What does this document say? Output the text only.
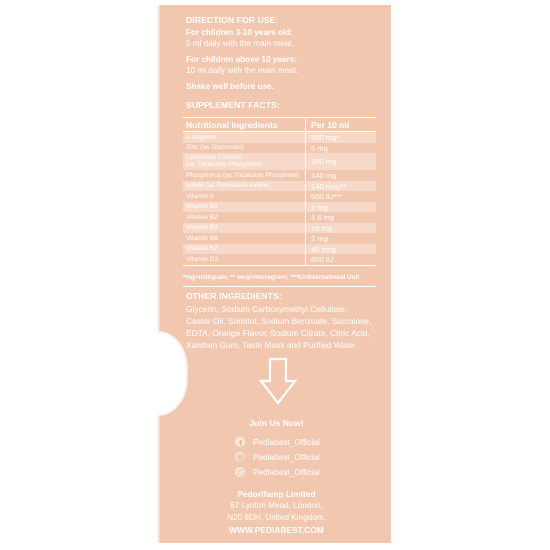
DIRECTION FOR USE:
For children 3-10 years old:
5 ml daily with the main meal.
For children above 10 years:
10 ml daily with the main meal.
Shake well before use.
SUPPLEMENT FACTS:
Nutritional Ingredients	Per 10 ml
L-Arginine	500 mg*
Zinc (as Gluconate)	5 mg
Liposomal Calcium
(as Tricalcium Phosphate)	240 mg
Phosphorus (as Tricalcium Phosphate) 140 mg
Iodide (as Potassium Iodide)	140 mcg**
Vitamin A	600 IU***
Vitamin B1	2 mg
Vitamin B2	1.6 mg
Vitamin B3	10 mg
Vitamin B6	2 mg
Vitamin K2	40 mcg
Vitamin D3	800 IU
*mg=milligram; ** mcg=microgram; ***IU=International Unit
OTHER INGREDIENTS:
Glycerin, Sodium Carboxymethyl Cellulose,
Castor Oil, Sorbitol, Sodium Benzoate, Sucralose,
EDTA, Orange Flavor, Sodium Citrate, Citric Acid,
Xanthan Gum, Taste Mask and Purified Water.
Join Us Now!
Pediabest_Official
Pediabest_Official
Pediabest_Official
Pedorifamp Limited
67 Lynton Mead, London,
N20 8DH, United Kingdom.
WWW.PEDIABEST.COM
